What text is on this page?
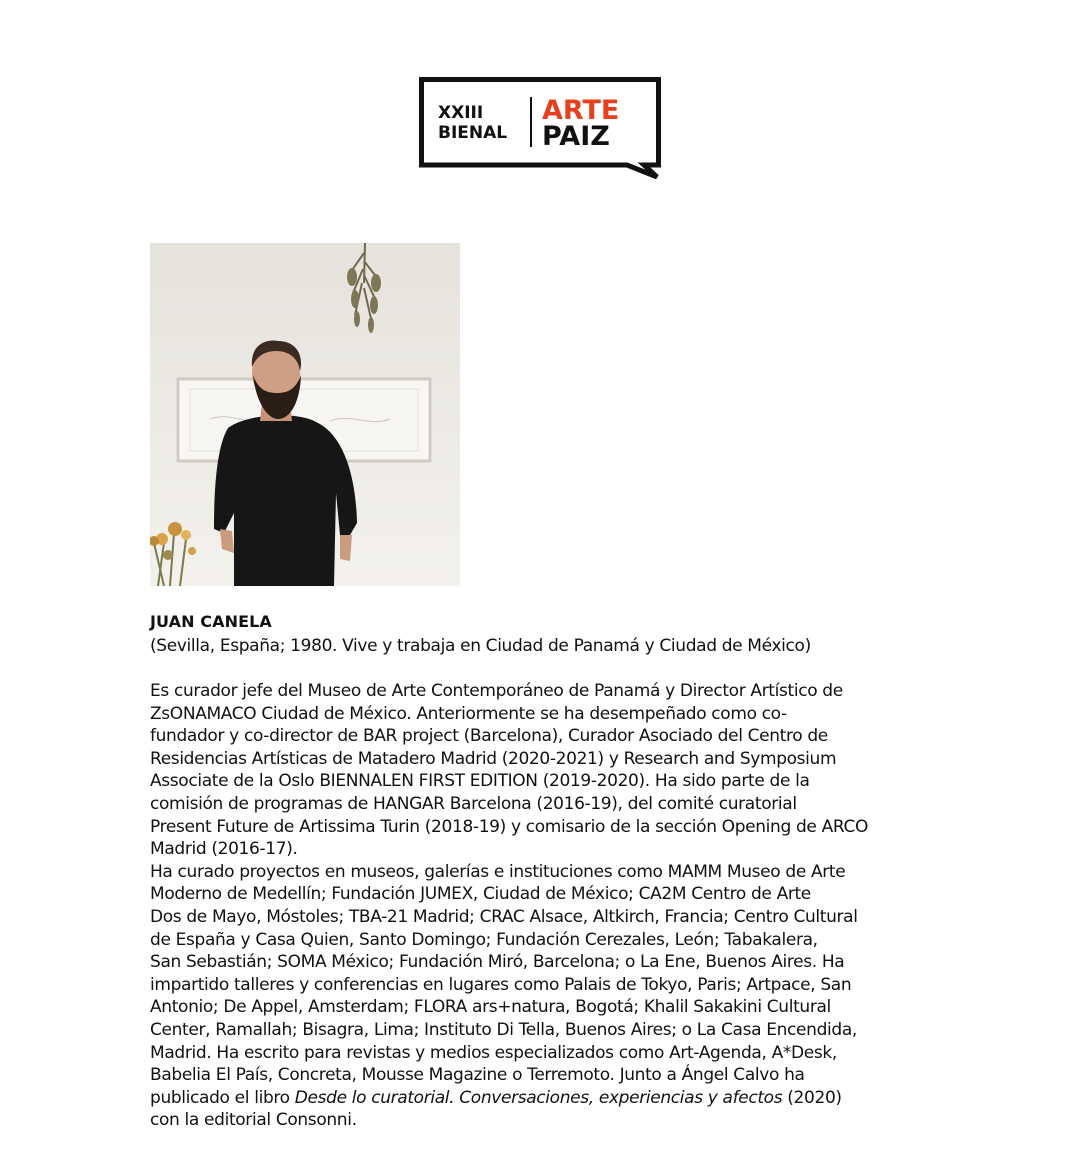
XXIII
BIENAL
ARTE
PAIZ
JUAN CANELA

(Sevilla, España; 1980. Vive y trabaja en Ciudad de Panamá y Ciudad de México)

Es curador jefe del Museo de Arte Contemporáneo de Panamá y Director Artístico de
ZsONAMACO Ciudad de México. Anteriormente se ha desempeñado como co-
fundador y co-director de BAR project (Barcelona), Curador Asociado del Centro de
Residencias Artísticas de Matadero Madrid (2020-2021) y Research and Symposium
Associate de la Oslo BIENNALEN FIRST EDITION (2019-2020). Ha sido parte de la
comisión de programas de HANGAR Barcelona (2016-19), del comité curatorial
Present Future de Artissima Turin (2018-19) y comisario de la sección Opening de ARCO
Madrid (2016-17).
Ha curado proyectos en museos, galerías e instituciones como MAMM Museo de Arte
Moderno de Medellín; Fundación JUMEX, Ciudad de México; CA2M Centro de Arte
Dos de Mayo, Móstoles; TBA-21 Madrid; CRAC Alsace, Altkirch, Francia; Centro Cultural
de España y Casa Quien, Santo Domingo; Fundación Cerezales, León; Tabakalera,
San Sebastián; SOMA México; Fundación Miró, Barcelona; o La Ene, Buenos Aires. Ha
impartido talleres y conferencias en lugares como Palais de Tokyo, Paris; Artpace, San
Antonio; De Appel, Amsterdam; FLORA ars+natura, Bogotá; Khalil Sakakini Cultural
Center, Ramallah; Bisagra, Lima; Instituto Di Tella, Buenos Aires; o La Casa Encendida,
Madrid. Ha escrito para revistas y medios especializados como Art-Agenda, A*Desk,
Babelia El País, Concreta, Mousse Magazine o Terremoto. Junto a Ángel Calvo ha
publicado el libro Desde lo curatorial. Conversaciones, experiencias y afectos (2020)
con la editorial Consonni.
